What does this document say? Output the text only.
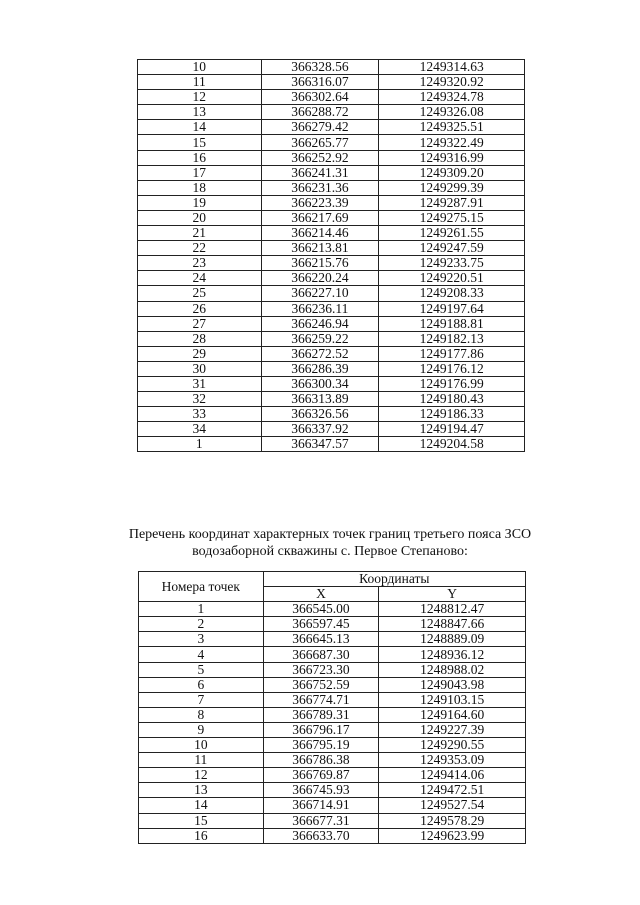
10	366328.56	1249314.63
11	366316.07	1249320.92
12	366302.64	1249324.78
13	366288.72	1249326.08
14	366279.42	1249325.51
15	366265.77	1249322.49
16	366252.92	1249316.99
17	366241.31	1249309.20
18	366231.36	1249299.39
19	366223.39	1249287.91
20	366217.69	1249275.15
21	366214.46	1249261.55
22	366213.81	1249247.59
23	366215.76	1249233.75
24	366220.24	1249220.51
25	366227.10	1249208.33
26	366236.11	1249197.64
27	366246.94	1249188.81
28	366259.22	1249182.13
29	366272.52	1249177.86
30	366286.39	1249176.12
31	366300.34	1249176.99
32	366313.89	1249180.43
33	366326.56	1249186.33
34	366337.92	1249194.47
1	366347.57	1249204.58
Перечень координат характерных точек границ третьего пояса ЗСО
водозаборной скважины с. Первое Степаново:
Номера точек	Координаты	
	X	Y
1	366545.00	1248812.47
2	366597.45	1248847.66
3	366645.13	1248889.09
4	366687.30	1248936.12
5	366723.30	1248988.02
6	366752.59	1249043.98
7	366774.71	1249103.15
8	366789.31	1249164.60
9	366796.17	1249227.39
10	366795.19	1249290.55
11	366786.38	1249353.09
12	366769.87	1249414.06
13	366745.93	1249472.51
14	366714.91	1249527.54
15	366677.31	1249578.29
16	366633.70	1249623.99
